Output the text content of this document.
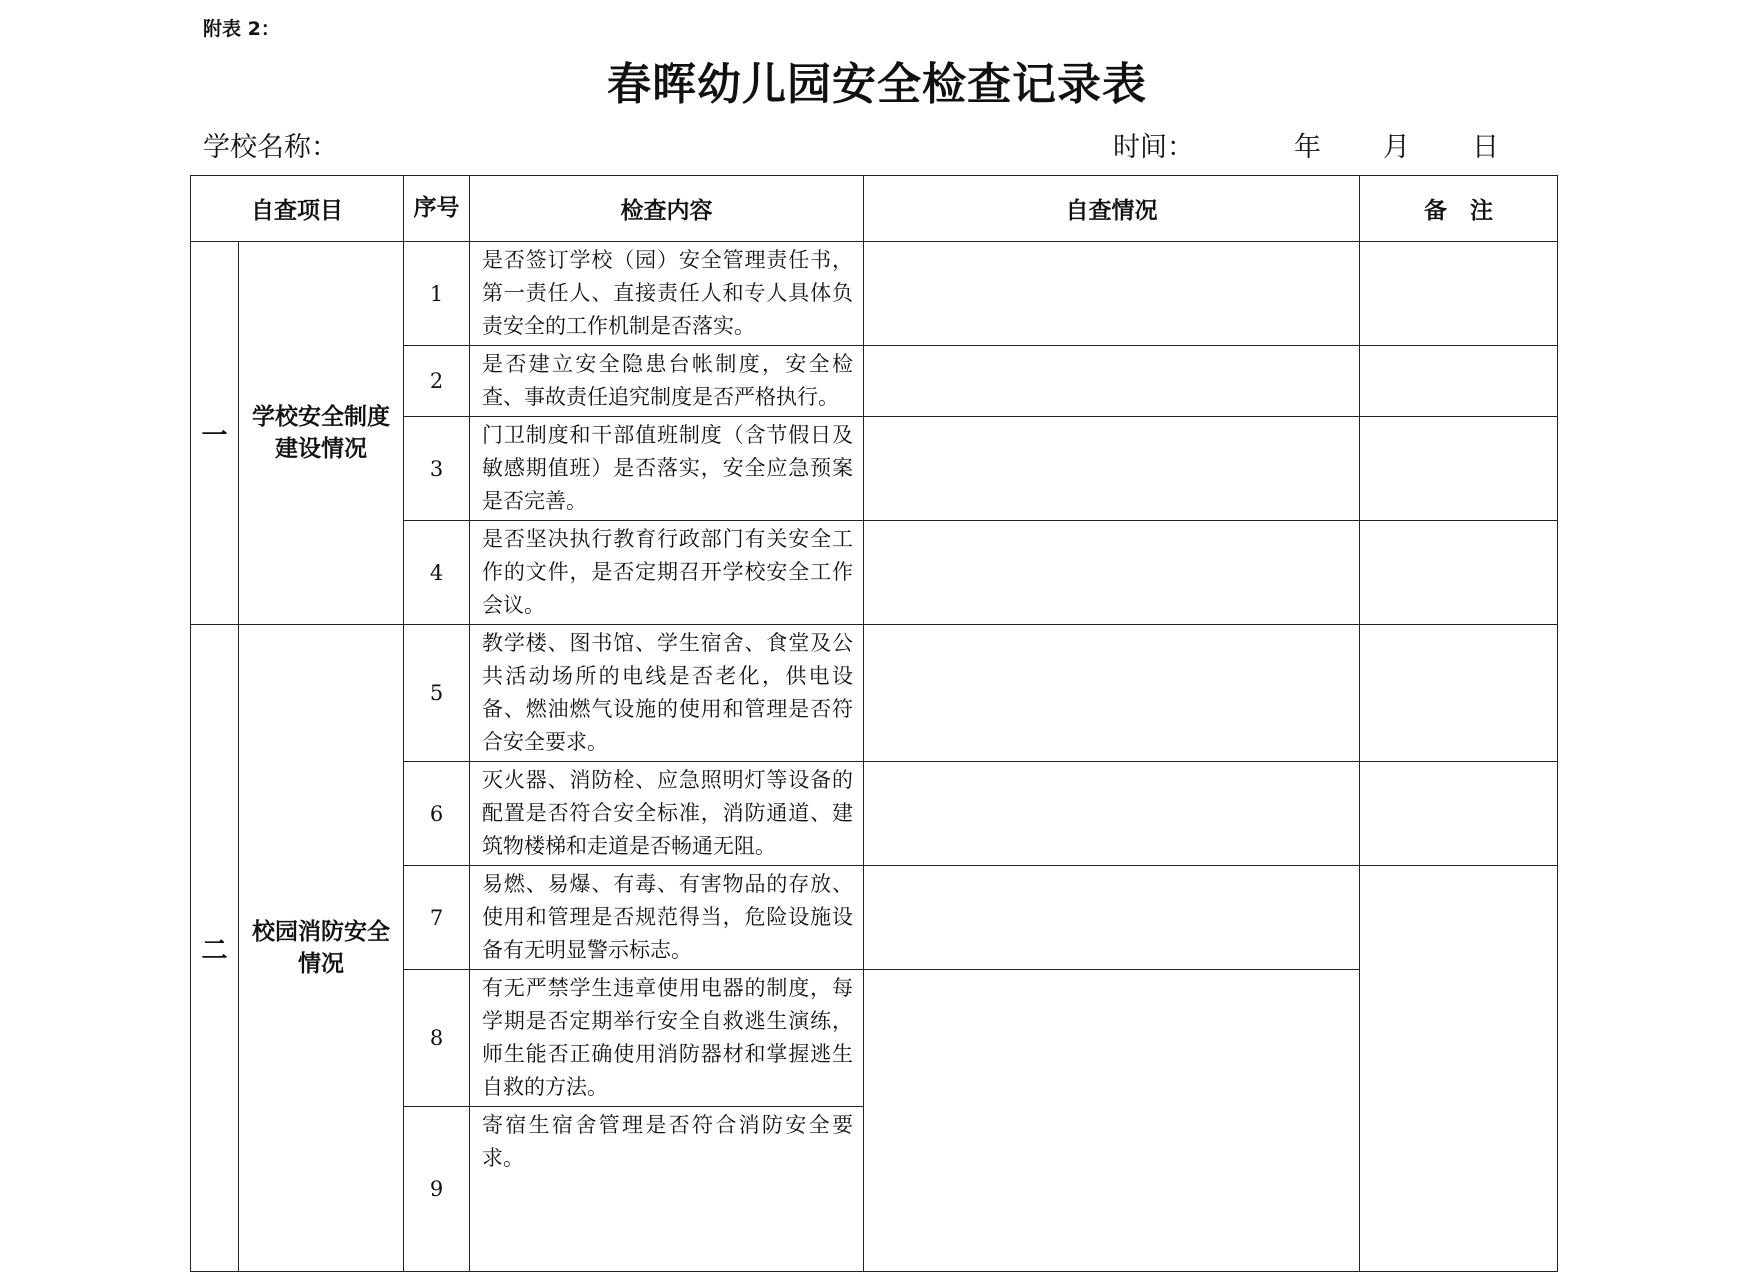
附表 2：
春晖幼儿园安全检查记录表
学校名称：	时间：	年 月 日
自查项目		序号	检查内容	自查情况	备　注
一	学校安全制度建设情况	1	是否签订学校（园）安全管理责任书，第一责任人、直接责任人和专人具体负责安全的工作机制是否落实。		
		2	是否建立安全隐患台帐制度，安全检查、事故责任追究制度是否严格执行。		
		3	门卫制度和干部值班制度（含节假日及敏感期值班）是否落实，安全应急预案是否完善。		
		4	是否坚决执行教育行政部门有关安全工作的文件，是否定期召开学校安全工作会议。		
二	校园消防安全情况	5	教学楼、图书馆、学生宿舍、食堂及公共活动场所的电线是否老化，供电设备、燃油燃气设施的使用和管理是否符合安全要求。		
		6	灭火器、消防栓、应急照明灯等设备的配置是否符合安全标准，消防通道、建筑物楼梯和走道是否畅通无阻。		
		7	易燃、易爆、有毒、有害物品的存放、使用和管理是否规范得当，危险设施设备有无明显警示标志。		
		8	有无严禁学生违章使用电器的制度，每学期是否定期举行安全自救逃生演练，师生能否正确使用消防器材和掌握逃生自救的方法。		
		9	寄宿生宿舍管理是否符合消防安全要求。		
